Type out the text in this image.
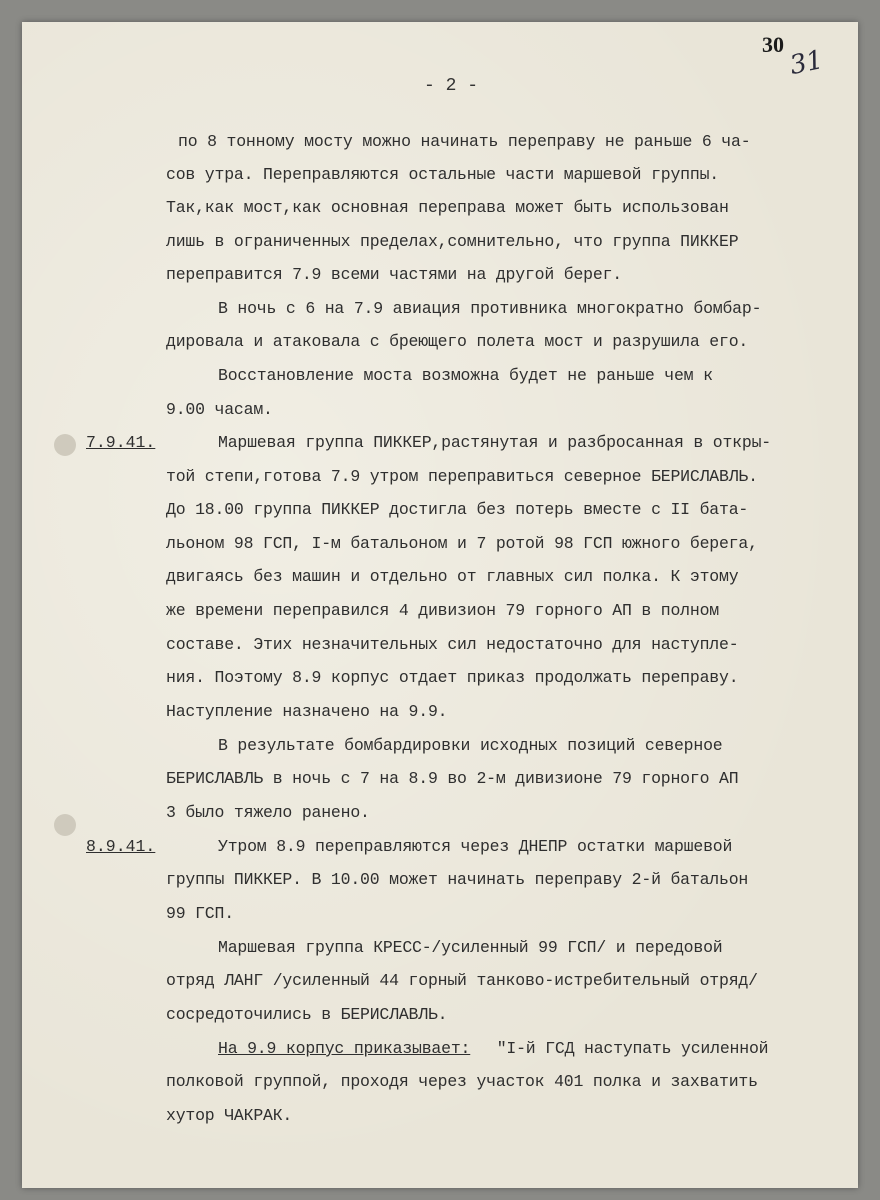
30
31
- 2 -
по 8 тонному мосту можно начинать переправу не раньше 6 ча-
сов утра. Переправляются остальные части маршевой группы.
Так,как мост,как основная переправа может быть использован
лишь в ограниченных пределах,сомнительно, что группа ПИККЕР
переправится 7.9 всеми частями на другой берег.
В ночь с 6 на 7.9 авиация противника многократно бомбар-
дировала и атаковала с бреющего полета мост и разрушила его.
Восстановление моста возможна будет не раньше чем к
9.00 часам.
7.9.41.	Маршевая группа ПИККЕР,растянутая и разбросанная в откры-
той степи,готова 7.9 утром переправиться северное БЕРИСЛАВЛЬ.
До 18.00 группа ПИККЕР достигла без потерь вместе с II бата-
льоном 98 ГСП, I-м батальоном и 7 ротой 98 ГСП южного берега,
двигаясь без машин и отдельно от главных сил полка. К этому
же времени переправился 4 дивизион 79 горного АП в полном
составе. Этих незначительных сил недостаточно для наступле-
ния. Поэтому 8.9 корпус отдает приказ продолжать переправу.
Наступление назначено на 9.9.
В результате бомбардировки исходных позиций северное
БЕРИСЛАВЛЬ в ночь с 7 на 8.9 во 2-м дивизионе 79 горного АП
3 было тяжело ранено.
8.9.41.	Утром 8.9 переправляются через ДНЕПР остатки маршевой
группы ПИККЕР. В 10.00 может начинать переправу 2-й батальон
99 ГСП.
Маршевая группа КРЕСС-/усиленный 99 ГСП/ и передовой
отряд ЛАНГ /усиленный 44 горный танково-истребительный отряд/
сосредоточились в БЕРИСЛАВЛЬ.
На 9.9 корпус приказывает: "I-й ГСД наступать усиленной
полковой группой, проходя через участок 401 полка и захватить
хутор ЧАКРАК.
